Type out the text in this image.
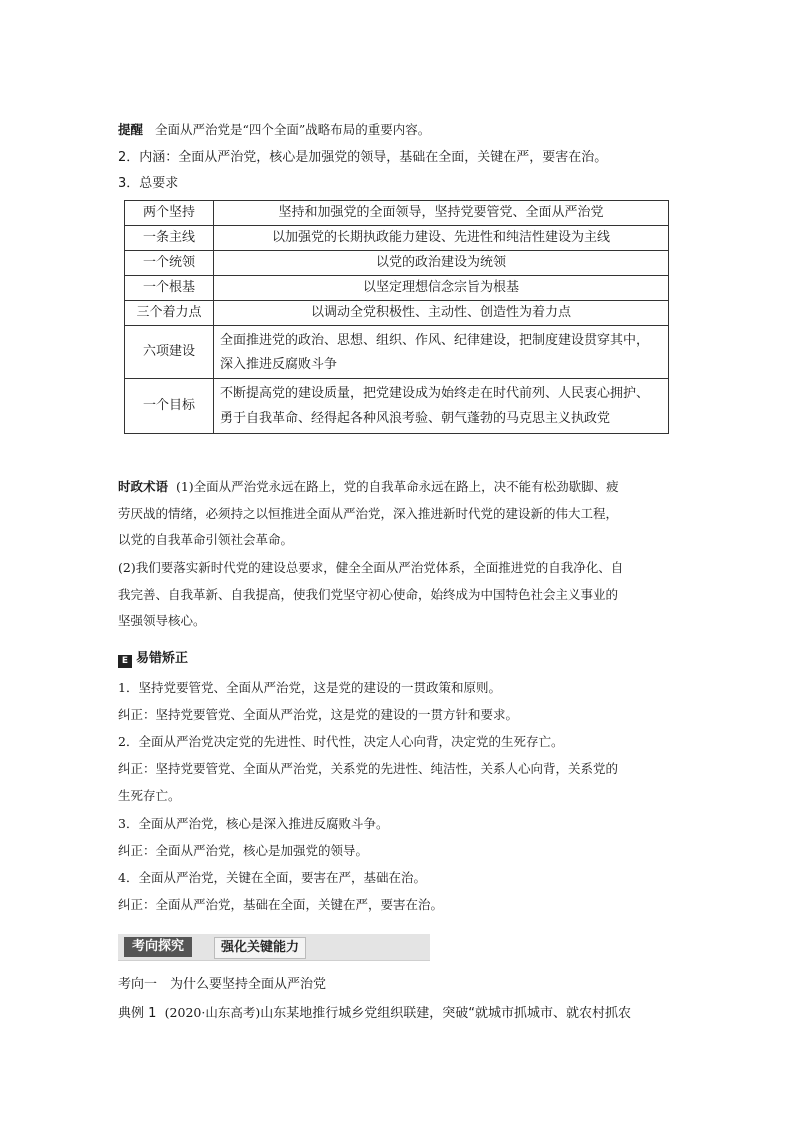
提醒 全面从严治党是“四个全面”战略布局的重要内容。
2．内涵：全面从严治党，核心是加强党的领导，基础在全面，关键在严，要害在治。
3．总要求
两个坚持	坚持和加强党的全面领导，坚持党要管党、全面从严治党
一条主线	以加强党的长期执政能力建设、先进性和纯洁性建设为主线
一个统领	以党的政治建设为统领
一个根基	以坚定理想信念宗旨为根基
三个着力点	以调动全党积极性、主动性、创造性为着力点
六项建设	全面推进党的政治、思想、组织、作风、纪律建设，把制度建设贯穿其中，
深入推进反腐败斗争

一个目标	不断提高党的建设质量，把党建设成为始终走在时代前列、人民衷心拥护、
勇于自我革命、经得起各种风浪考验、朝气蓬勃的马克思主义执政党
时政术语 (1)全面从严治党永远在路上，党的自我革命永远在路上，决不能有松劲歇脚、疲
劳厌战的情绪，必须持之以恒推进全面从严治党，深入推进新时代党的建设新的伟大工程，
以党的自我革命引领社会革命。
(2)我们要落实新时代党的建设总要求，健全全面从严治党体系，全面推进党的自我净化、自
我完善、自我革新、自我提高，使我们党坚守初心使命，始终成为中国特色社会主义事业的
坚强领导核心。
E 易错矫正
1．坚持党要管党、全面从严治党，这是党的建设的一贯政策和原则。
纠正：坚持党要管党、全面从严治党，这是党的建设的一贯方针和要求。
2．全面从严治党决定党的先进性、时代性，决定人心向背，决定党的生死存亡。
纠正：坚持党要管党、全面从严治党，关系党的先进性、纯洁性，关系人心向背，关系党的
生死存亡。
3．全面从严治党，核心是深入推进反腐败斗争。
纠正：全面从严治党，核心是加强党的领导。
4．全面从严治党，关键在全面，要害在严，基础在治。
纠正：全面从严治党，基础在全面，关键在严，要害在治。
考向探究	强化关键能力
考向一　为什么要坚持全面从严治党
典例 1 (2020·山东高考)山东某地推行城乡党组织联建，突破“就城市抓城市、就农村抓农
